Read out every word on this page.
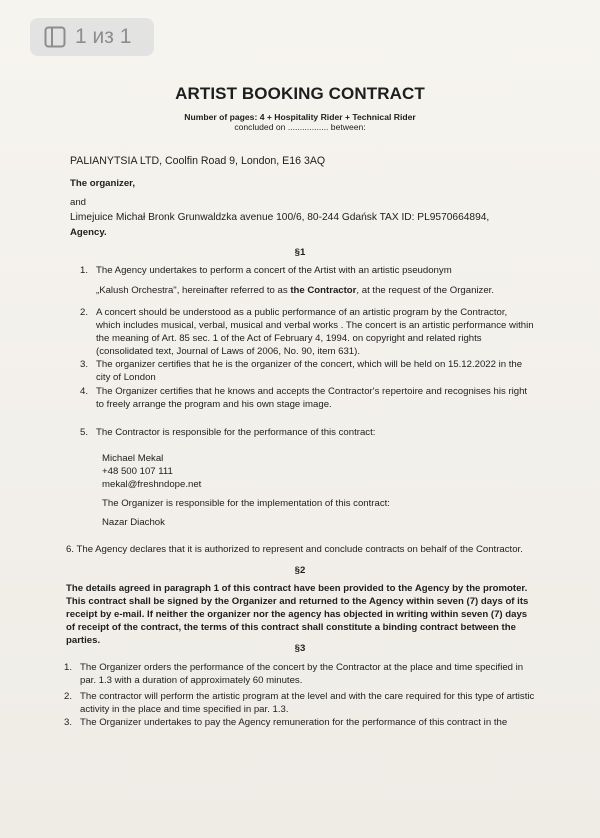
1 из 1
ARTIST BOOKING CONTRACT
Number of pages: 4 + Hospitality Rider + Technical Rider
concluded on ................. between:
PALIANYTSIA LTD, Coolfin Road 9, London, E16 3AQ
The organizer,
and
Limejuice Michał Bronk Grunwaldzka avenue 100/6, 80-244 Gdańsk TAX ID: PL9570664894,
Agency.
§1
1. The Agency undertakes to perform a concert of the Artist with an artistic pseudonym
„Kalush Orchestra", hereinafter referred to as the Contractor, at the request of the Organizer.
2. A concert should be understood as a public performance of an artistic program by the Contractor, which includes musical, verbal, musical and verbal works . The concert is an artistic performance within the meaning of Art. 85 sec. 1 of the Act of February 4, 1994. on copyright and related rights (consolidated text, Journal of Laws of 2006, No. 90, item 631).
3. The organizer certifies that he is the organizer of the concert, which will be held on 15.12.2022 in the city of London
4. The Organizer certifies that he knows and accepts the Contractor's repertoire and recognises his right to freely arrange the program and his own stage image.
5. The Contractor is responsible for the performance of this contract:
Michael Mekal
+48 500 107 111
mekal@freshndope.net
The Organizer is responsible for the implementation of this contract:
Nazar Diachok
6. The Agency declares that it is authorized to represent and conclude contracts on behalf of the Contractor.
§2
The details agreed in paragraph 1 of this contract have been provided to the Agency by the promoter. This contract shall be signed by the Organizer and returned to the Agency within seven (7) days of its receipt by e-mail. If neither the organizer nor the agency has objected in writing within seven (7) days of receipt of the contract, the terms of this contract shall constitute a binding contract between the parties.
§3
1. The Organizer orders the performance of the concert by the Contractor at the place and time specified in par. 1.3 with a duration of approximately 60 minutes.
2. The contractor will perform the artistic program at the level and with the care required for this type of artistic activity in the place and time specified in par. 1.3.
3. The Organizer undertakes to pay the Agency remuneration for the performance of this contract in the
